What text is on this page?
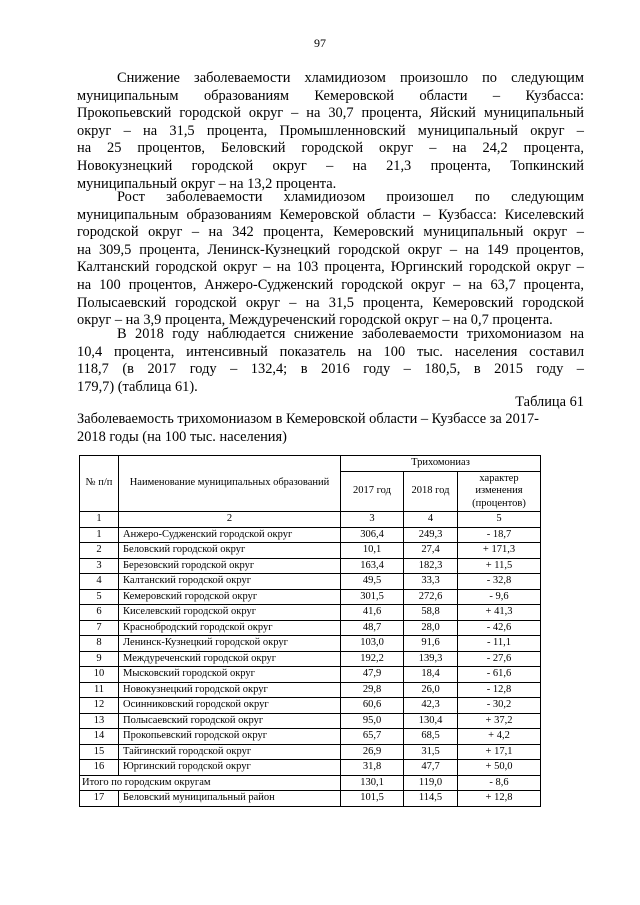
97

Снижение заболеваемости хламидиозом произошло по следующим
муниципальным образованиям Кемеровской области – Кузбасса:
Прокопьевский городской округ – на 30,7 процента, Яйский муниципальный
округ – на 31,5 процента, Промышленновский муниципальный округ –
на 25 процентов, Беловский городской округ – на 24,2 процента,
Новокузнецкий городской округ – на 21,3 процента, Топкинский
муниципальный округ – на 13,2 процента.

Рост заболеваемости хламидиозом произошел по следующим
муниципальным образованиям Кемеровской области – Кузбасса: Киселевский
городской округ – на 342 процента, Кемеровский муниципальный округ –
на 309,5 процента, Ленинск-Кузнецкий городской округ – на 149 процентов,
Калтанский городской округ – на 103 процента, Юргинский городской округ –
на 100 процентов, Анжеро-Судженский городской округ – на 63,7 процента,
Полысаевский городской округ – на 31,5 процента, Кемеровский городской
округ – на 3,9 процента, Междуреченский городской округ – на 0,7 процента.

В 2018 году наблюдается снижение заболеваемости трихомониазом на
10,4 процента, интенсивный показатель на 100 тыс. населения составил
118,7 (в 2017 году – 132,4; в 2016 году – 180,5, в 2015 году –
179,7) (таблица 61).

Таблица 61
Заболеваемость трихомониазом в Кемеровской области – Кузбассе за 2017-
2018 годы (на 100 тыс. населения)
№ п/п	Наименование муниципальных образований	Трихомониаз		
		2017 год	2018 год	характер изменения (процентов)
1	2	3	4	5
1	Анжеро-Судженский городской округ	306,4	249,3	- 18,7
2	Беловский городской округ	10,1	27,4	+ 171,3
3	Березовский городской округ	163,4	182,3	+ 11,5
4	Калтанский городской округ	49,5	33,3	- 32,8
5	Кемеровский городской округ	301,5	272,6	- 9,6
6	Киселевский городской округ	41,6	58,8	+ 41,3
7	Краснобродский городской округ	48,7	28,0	- 42,6
8	Ленинск-Кузнецкий городской округ	103,0	91,6	- 11,1
9	Междуреченский городской округ	192,2	139,3	- 27,6
10	Мысковский городской округ	47,9	18,4	- 61,6
11	Новокузнецкий городской округ	29,8	26,0	- 12,8
12	Осинниковский городской округ	60,6	42,3	- 30,2
13	Полысаевский городской округ	95,0	130,4	+ 37,2
14	Прокопьевский городской округ	65,7	68,5	+ 4,2
15	Тайгинский городской округ	26,9	31,5	+ 17,1
16	Юргинский городской округ	31,8	47,7	+ 50,0
Итого по городским округам		130,1	119,0	- 8,6
17	Беловский муниципальный район	101,5	114,5	+ 12,8
